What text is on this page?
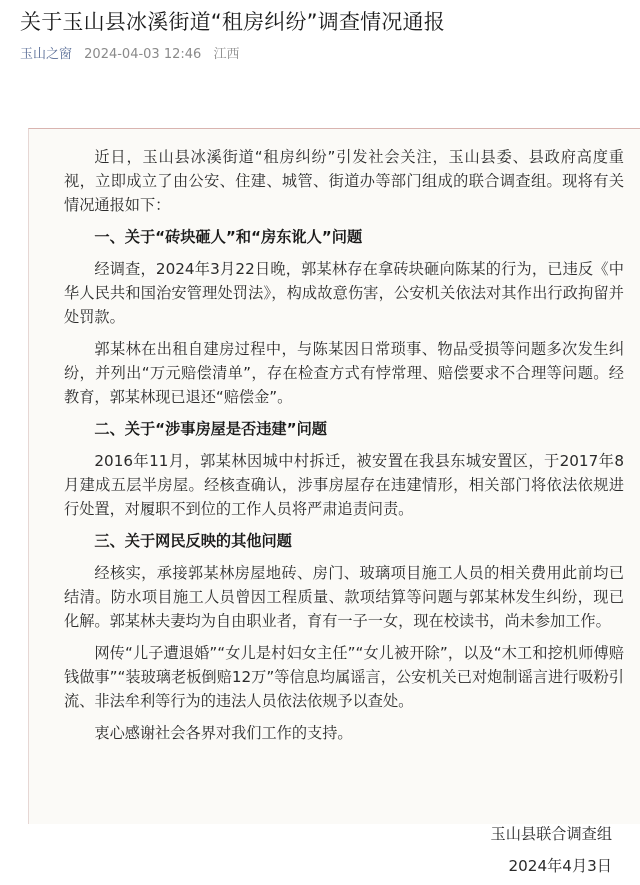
关于玉山县冰溪街道“租房纠纷”调查情况通报
玉山之窗 2024-04-03 12:46 江西

近日，玉山县冰溪街道“租房纠纷”引发社会关注，玉山县委、县政府高度重视，立即成立了由公安、住建、城管、街道办等部门组成的联合调查组。现将有关情况通报如下：

一、关于“砖块砸人”和“房东讹人”问题

经调查，2024年3月22日晚，郭某林存在拿砖块砸向陈某的行为，已违反《中华人民共和国治安管理处罚法》，构成故意伤害，公安机关依法对其作出行政拘留并处罚款。

郭某林在出租自建房过程中，与陈某因日常琐事、物品受损等问题多次发生纠纷，并列出“万元赔偿清单”，存在检查方式有悖常理、赔偿要求不合理等问题。经教育，郭某林现已退还“赔偿金”。

二、关于“涉事房屋是否违建”问题

2016年11月，郭某林因城中村拆迁，被安置在我县东城安置区，于2017年8月建成五层半房屋。经核查确认，涉事房屋存在违建情形，相关部门将依法依规进行处置，对履职不到位的工作人员将严肃追责问责。

三、关于网民反映的其他问题

经核实，承接郭某林房屋地砖、房门、玻璃项目施工人员的相关费用此前均已结清。防水项目施工人员曾因工程质量、款项结算等问题与郭某林发生纠纷，现已化解。郭某林夫妻均为自由职业者，育有一子一女，现在校读书，尚未参加工作。

网传“儿子遭退婚”“女儿是村妇女主任”“女儿被开除”，以及“木工和挖机师傅赔钱做事”“装玻璃老板倒赔12万”等信息均属谣言，公安机关已对炮制谣言进行吸粉引流、非法牟利等行为的违法人员依法依规予以查处。

衷心感谢社会各界对我们工作的支持。

玉山县联合调查组
2024年4月3日
